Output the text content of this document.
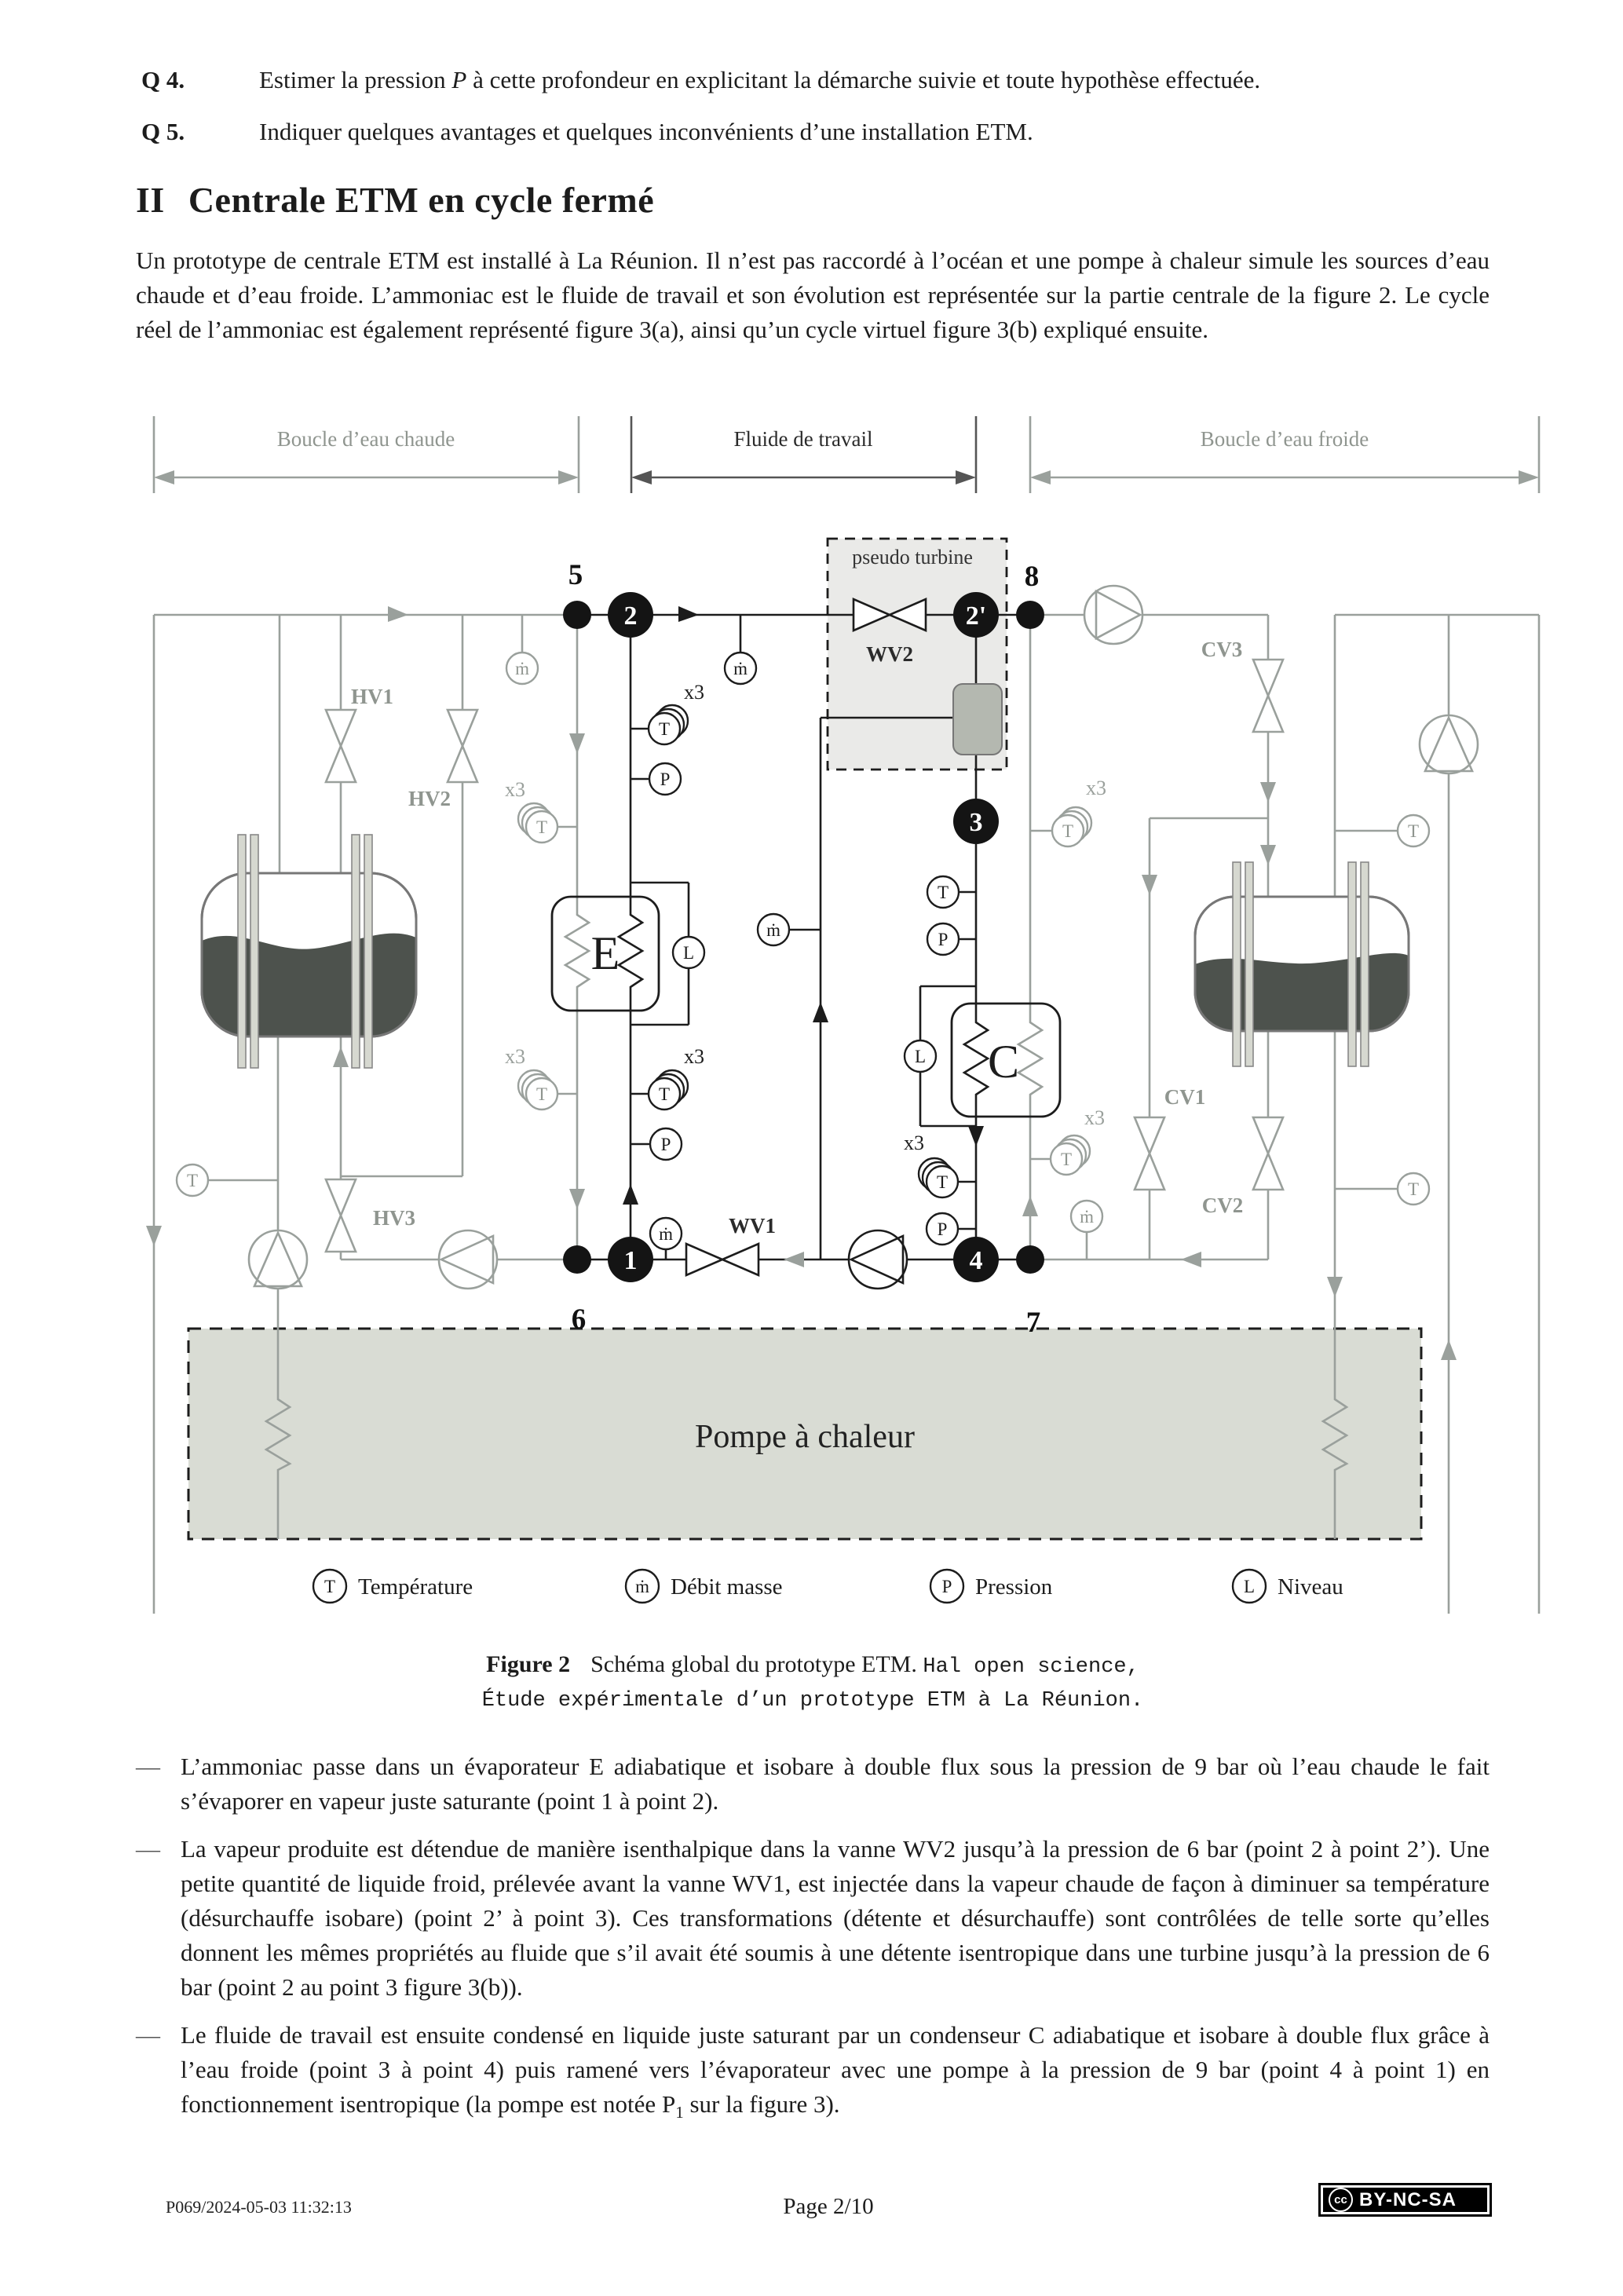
Q 4.	Estimer la pression P à cette profondeur en explicitant la démarche suivie et toute hypothèse effectuée.
Q 5.	Indiquer quelques avantages et quelques inconvénients d’une installation ETM.
II Centrale ETM en cycle fermé
Un prototype de centrale ETM est installé à La Réunion. Il n’est pas raccordé à l’océan et une pompe à chaleur simule les sources d’eau chaude et d’eau froide. L’ammoniac est le fluide de travail et son évolution est représentée sur la partie centrale de la figure 2. Le cycle réel de l’ammoniac est également représenté figure 3(a), ainsi qu’un cycle virtuel figure 3(b) expliqué ensuite.
pseudo turbine
Pompe à chaleur
Boucle d’eau chaude	Fluide de travail	Boucle d’eau froide
E
C
HV1
HV2
HV3
CV1
CV2
CV3
WV2
WV1
ṁ
T
T
T
T
T
ṁ
T
T
ṁ
T
P
L
T
P
ṁ
ṁ
T
P
L
T
P
x3
x3
x3
x3
x3
x3
x3
2	2'
3
1	4
5	8
6	7
T Température	ṁ Débit masse	P Pression	L Niveau
Figure 2 Schéma global du prototype ETM. Hal open science,
Étude expérimentale d’un prototype ETM à La Réunion.
— L’ammoniac passe dans un évaporateur E adiabatique et isobare à double flux sous la pression de 9 bar où l’eau chaude le fait s’évaporer en vapeur juste saturante (point 1 à point 2).
— La vapeur produite est détendue de manière isenthalpique dans la vanne WV2 jusqu’à la pression de 6 bar (point 2 à point 2’). Une petite quantité de liquide froid, prélevée avant la vanne WV1, est injectée dans la vapeur chaude de façon à diminuer sa température (désurchauffe isobare) (point 2’ à point 3). Ces transformations (détente et désurchauffe) sont contrôlées de telle sorte qu’elles donnent les mêmes propriétés au fluide que s’il avait été soumis à une détente isentropique dans une turbine jusqu’à la pression de 6 bar (point 2 au point 3 figure 3(b)).
— Le fluide de travail est ensuite condensé en liquide juste saturant par un condenseur C adiabatique et isobare à double flux grâce à l’eau froide (point 3 à point 4) puis ramené vers l’évaporateur avec une pompe à la pression de 9 bar (point 4 à point 1) en fonctionnement isentropique (la pompe est notée $P_1$ sur la figure 3).
P069/2024-05-03 11:32:13	Page 2/10	cc BY-NC-SA
